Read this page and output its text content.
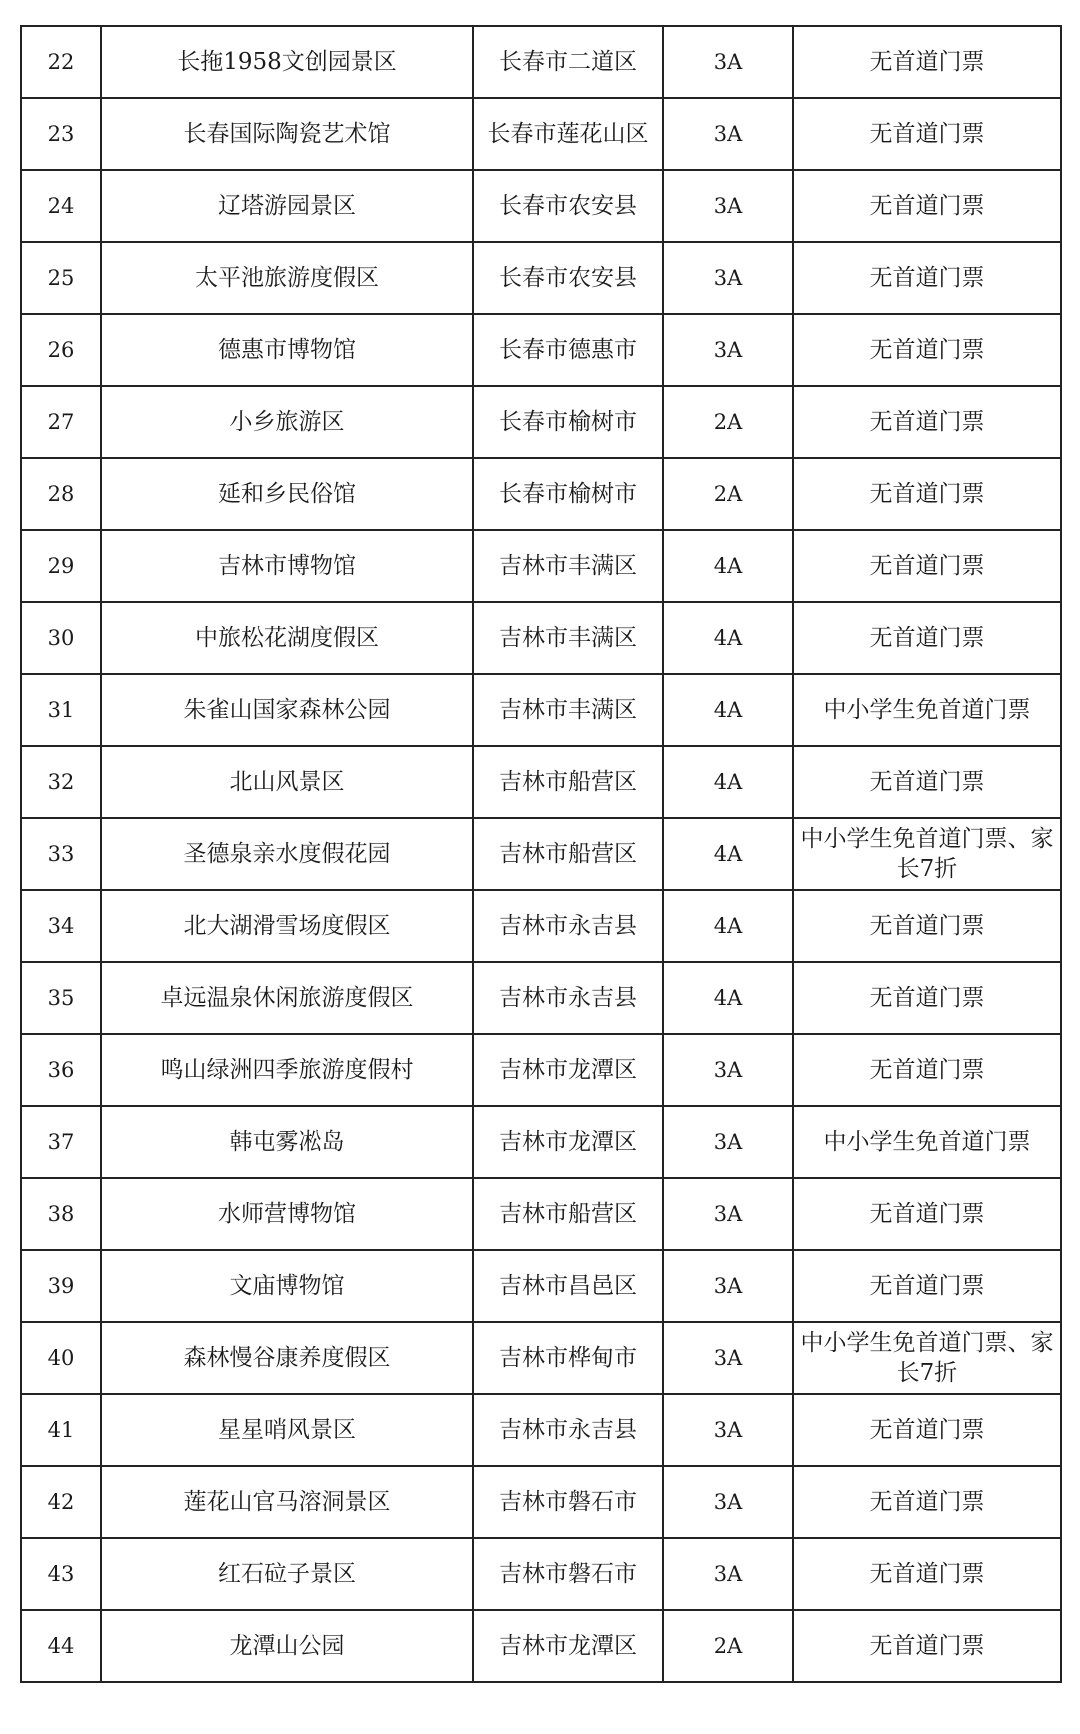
22	长拖1958文创园景区	长春市二道区	3A	无首道门票
23	长春国际陶瓷艺术馆	长春市莲花山区	3A	无首道门票
24	辽塔游园景区	长春市农安县	3A	无首道门票
25	太平池旅游度假区	长春市农安县	3A	无首道门票
26	德惠市博物馆	长春市德惠市	3A	无首道门票
27	小乡旅游区	长春市榆树市	2A	无首道门票
28	延和乡民俗馆	长春市榆树市	2A	无首道门票
29	吉林市博物馆	吉林市丰满区	4A	无首道门票
30	中旅松花湖度假区	吉林市丰满区	4A	无首道门票
31	朱雀山国家森林公园	吉林市丰满区	4A	中小学生免首道门票
32	北山风景区	吉林市船营区	4A	无首道门票
33	圣德泉亲水度假花园	吉林市船营区	4A	中小学生免首道门票、家长7折
34	北大湖滑雪场度假区	吉林市永吉县	4A	无首道门票
35	卓远温泉休闲旅游度假区	吉林市永吉县	4A	无首道门票
36	鸣山绿洲四季旅游度假村	吉林市龙潭区	3A	无首道门票
37	韩屯雾凇岛	吉林市龙潭区	3A	中小学生免首道门票
38	水师营博物馆	吉林市船营区	3A	无首道门票
39	文庙博物馆	吉林市昌邑区	3A	无首道门票
40	森林慢谷康养度假区	吉林市桦甸市	3A	中小学生免首道门票、家长7折
41	星星哨风景区	吉林市永吉县	3A	无首道门票
42	莲花山官马溶洞景区	吉林市磐石市	3A	无首道门票
43	红石砬子景区	吉林市磐石市	3A	无首道门票
44	龙潭山公园	吉林市龙潭区	2A	无首道门票
